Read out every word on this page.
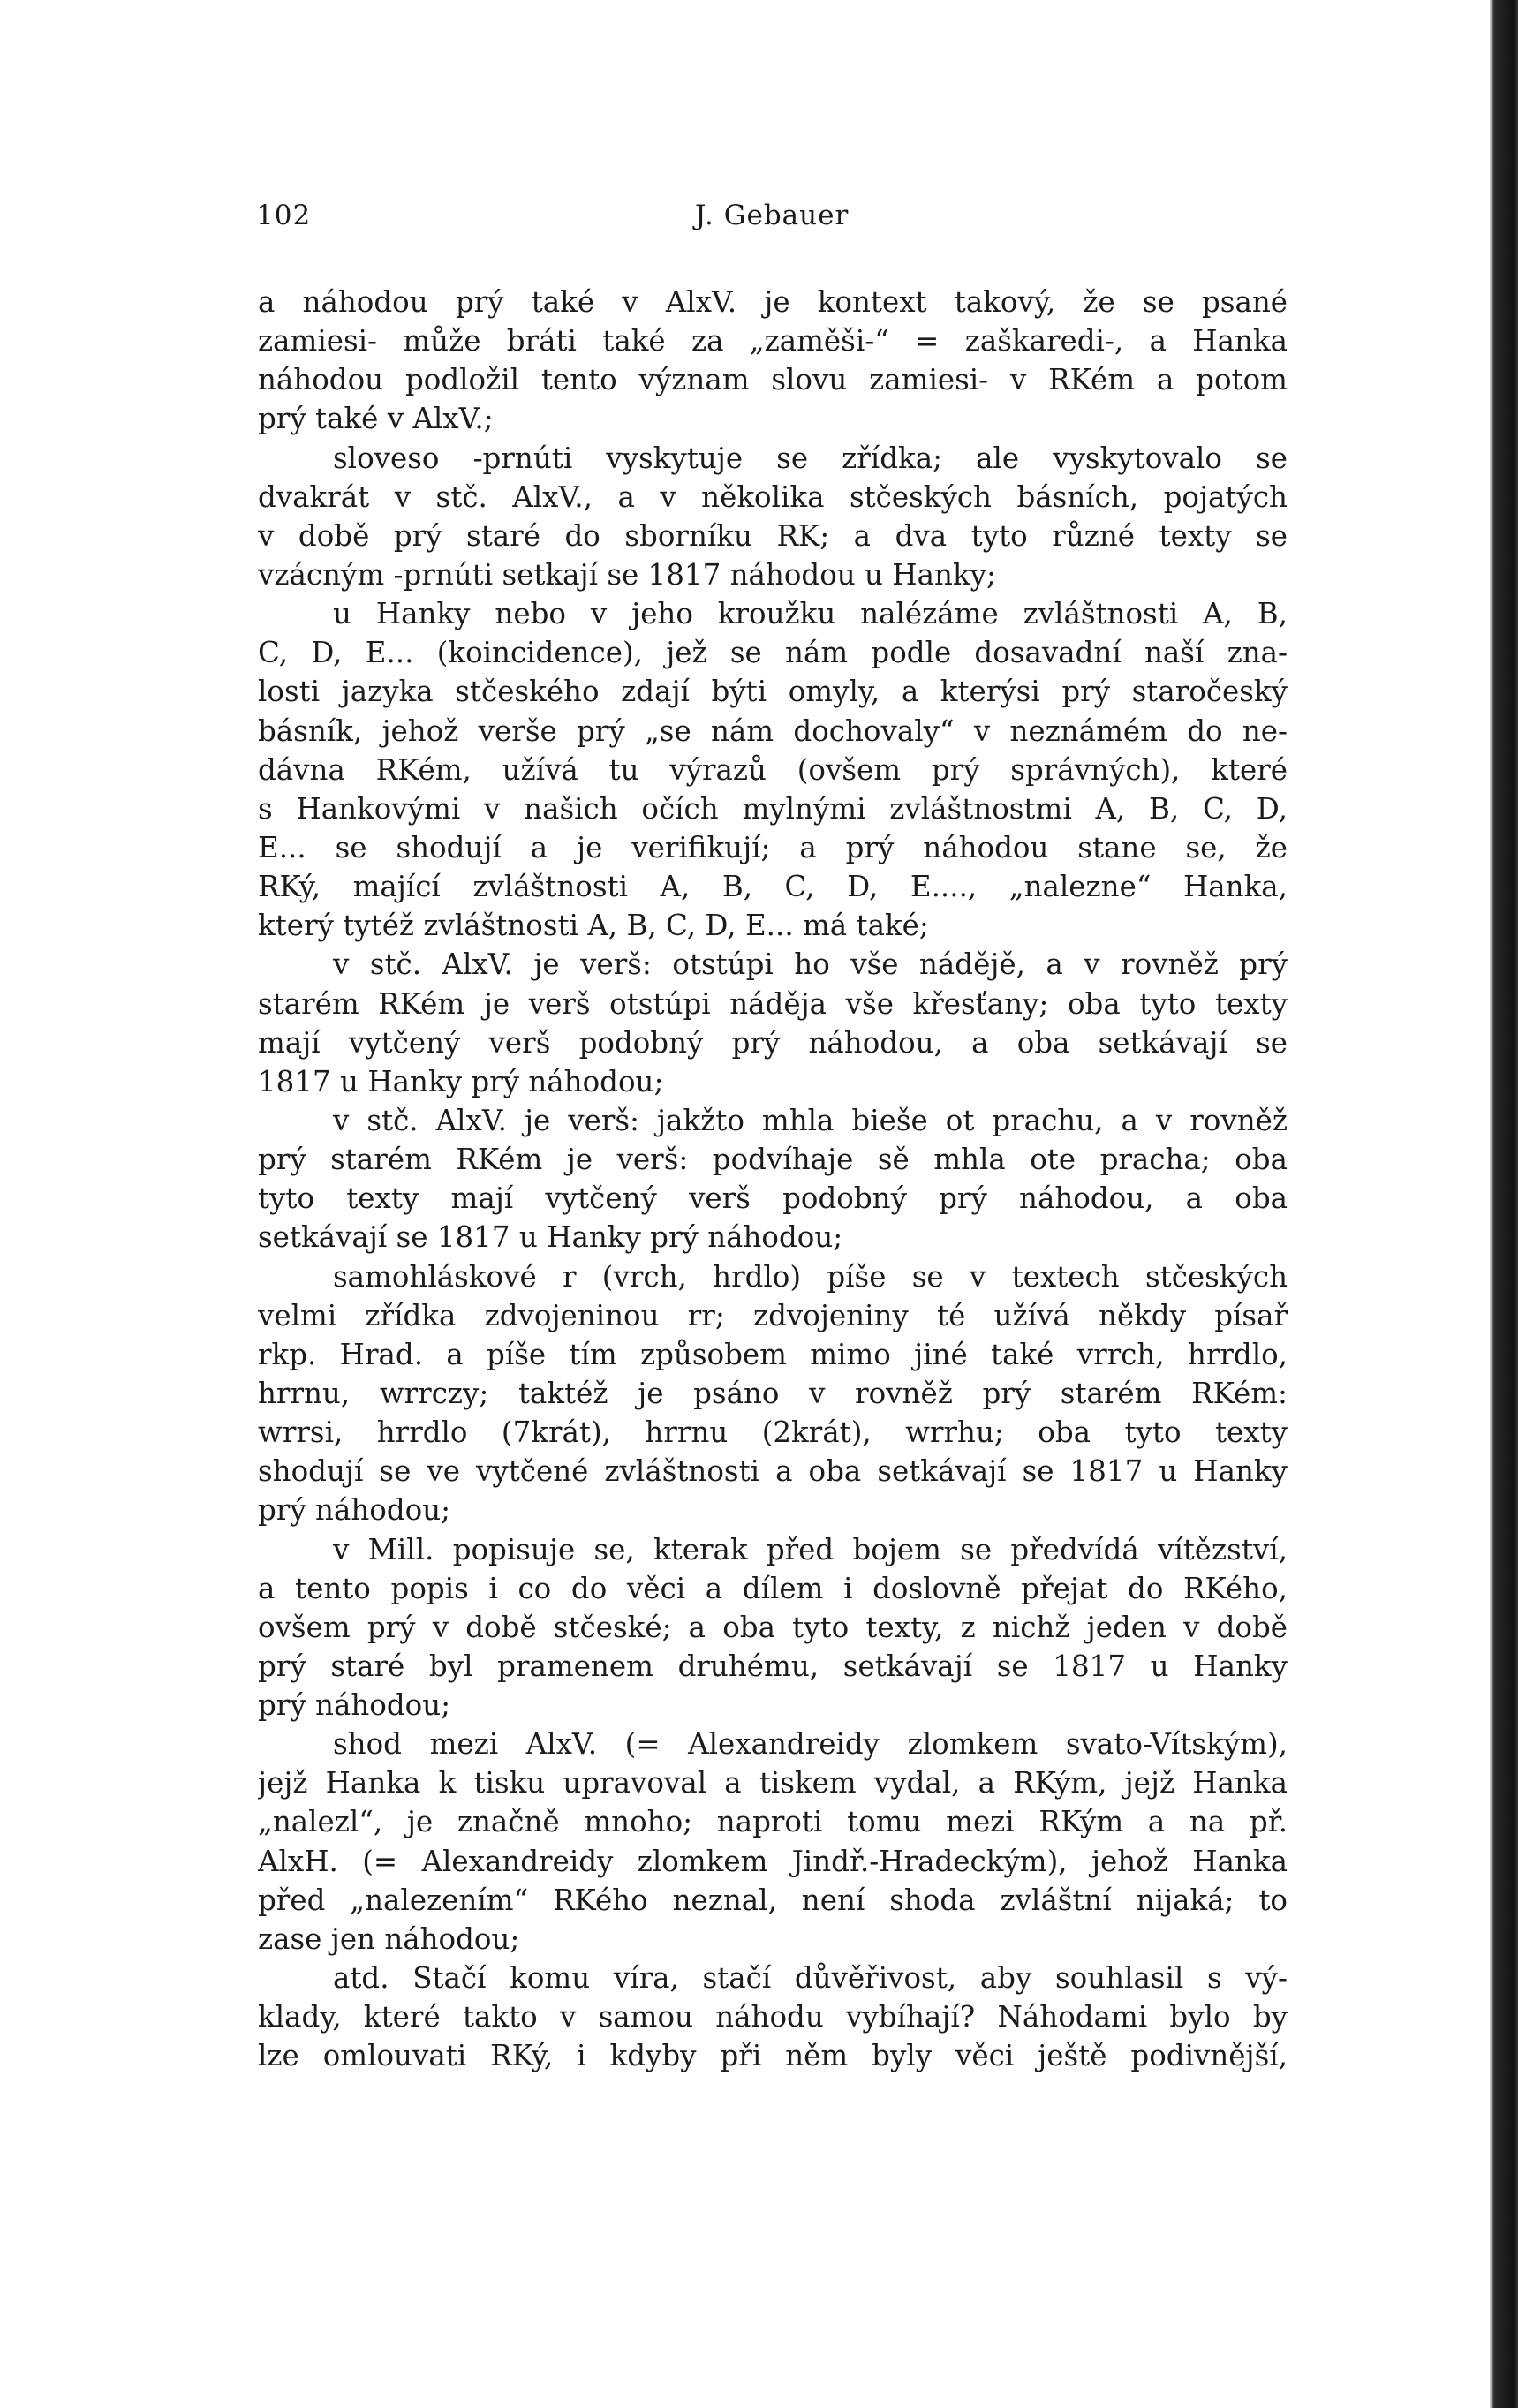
102	J. Gebauer

a náhodou prý také v AlxV. je kontext takový, že se psané
zamiesi- může bráti také za „zaměši-“ = zaškaredi-, a Hanka
náhodou podložil tento význam slovu zamiesi- v RKém a potom
prý také v AlxV.;

sloveso -prnúti vyskytuje se zřídka; ale vyskytovalo se
dvakrát v stč. AlxV., a v několika stčeských básních, pojatých
v době prý staré do sborníku RK; a dva tyto různé texty se
vzácným -prnúti setkají se 1817 náhodou u Hanky;

u Hanky nebo v jeho kroužku nalézáme zvláštnosti A, B,
C, D, E... (koincidence), jež se nám podle dosavadní naší zna-
losti jazyka stčeského zdají býti omyly, a kterýsi prý staročeský
básník, jehož verše prý „se nám dochovaly“ v neznámém do ne-
dávna RKém, užívá tu výrazů (ovšem prý správných), které
s Hankovými v našich očích mylnými zvláštnostmi A, B, C, D,
E... se shodují a je verifikují; a prý náhodou stane se, že
RKý, mající zvláštnosti A, B, C, D, E...., „nalezne“ Hanka,
který tytéž zvláštnosti A, B, C, D, E... má také;

v stč. AlxV. je verš: otstúpi ho vše nádějě, a v rovněž prý
starém RKém je verš otstúpi náděja vše křesťany; oba tyto texty
mají vytčený verš podobný prý náhodou, a oba setkávají se
1817 u Hanky prý náhodou;

v stč. AlxV. je verš: jakžto mhla bieše ot prachu, a v rovněž
prý starém RKém je verš: podvíhaje sě mhla ote pracha; oba
tyto texty mají vytčený verš podobný prý náhodou, a oba
setkávají se 1817 u Hanky prý náhodou;

samohláskové r (vrch, hrdlo) píše se v textech stčeských
velmi zřídka zdvojeninou rr; zdvojeniny té užívá někdy písař
rkp. Hrad. a píše tím způsobem mimo jiné také vrrch, hrrdlo,
hrrnu, wrrczy; taktéž je psáno v rovněž prý starém RKém:
wrrsi, hrrdlo (7krát), hrrnu (2krát), wrrhu; oba tyto texty
shodují se ve vytčené zvláštnosti a oba setkávají se 1817 u Hanky
prý náhodou;

v Mill. popisuje se, kterak před bojem se předvídá vítězství,
a tento popis i co do věci a dílem i doslovně přejat do RKého,
ovšem prý v době stčeské; a oba tyto texty, z nichž jeden v době
prý staré byl pramenem druhému, setkávají se 1817 u Hanky
prý náhodou;

shod mezi AlxV. (= Alexandreidy zlomkem svato-Vítským),
jejž Hanka k tisku upravoval a tiskem vydal, a RKým, jejž Hanka
„nalezl“, je značně mnoho; naproti tomu mezi RKým a na př.
AlxH. (= Alexandreidy zlomkem Jindř.-Hradeckým), jehož Hanka
před „nalezením“ RKého neznal, není shoda zvláštní nijaká; to
zase jen náhodou;

atd. Stačí komu víra, stačí důvěřivost, aby souhlasil s vý-
klady, které takto v samou náhodu vybíhají? Náhodami bylo by
lze omlouvati RKý, i kdyby při něm byly věci ještě podivnější,
